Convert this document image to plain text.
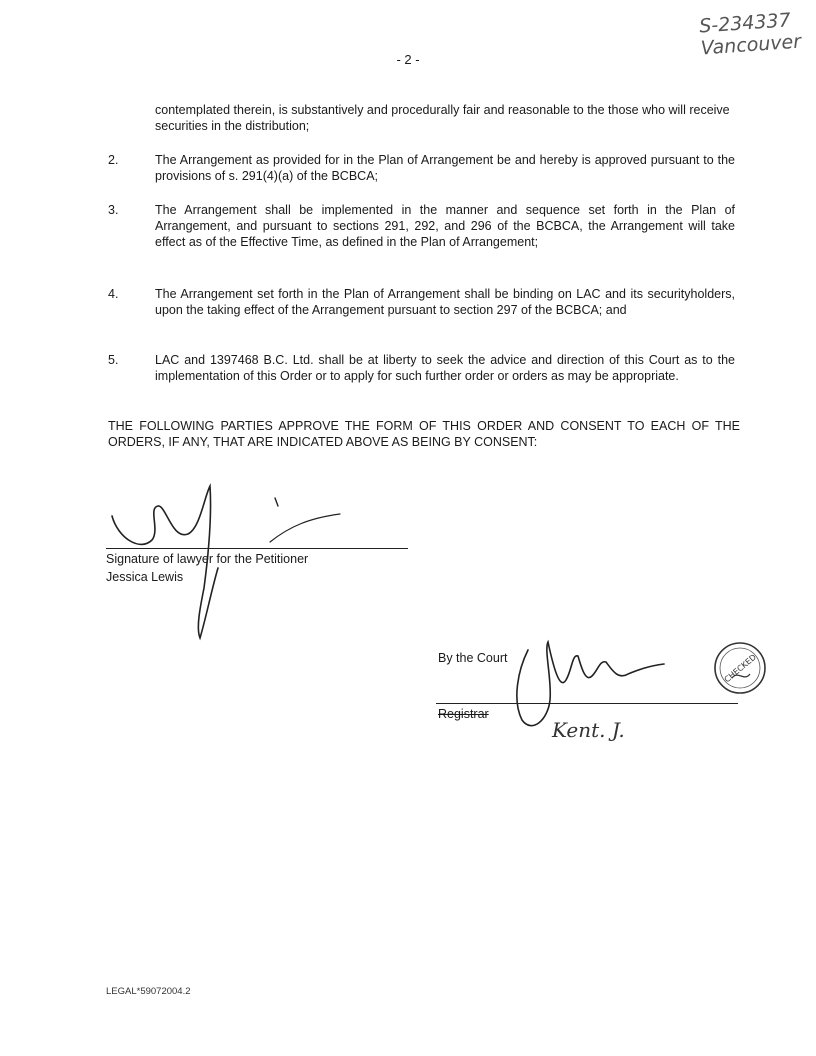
S-234337
Vancouver
- 2 -
contemplated therein, is substantively and procedurally fair and reasonable to the those who will receive securities in the distribution;
2.	The Arrangement as provided for in the Plan of Arrangement be and hereby is approved pursuant to the provisions of s. 291(4)(a) of the BCBCA;
3.	The Arrangement shall be implemented in the manner and sequence set forth in the Plan of Arrangement, and pursuant to sections 291, 292, and 296 of the BCBCA, the Arrangement will take effect as of the Effective Time, as defined in the Plan of Arrangement;
4.	The Arrangement set forth in the Plan of Arrangement shall be binding on LAC and its securityholders, upon the taking effect of the Arrangement pursuant to section 297 of the BCBCA; and
5.	LAC and 1397468 B.C. Ltd. shall be at liberty to seek the advice and direction of this Court as to the implementation of this Order or to apply for such further order or orders as may be appropriate.
THE FOLLOWING PARTIES APPROVE THE FORM OF THIS ORDER AND CONSENT TO EACH OF THE ORDERS, IF ANY, THAT ARE INDICATED ABOVE AS BEING BY CONSENT:
Signature of lawyer for the Petitioner
Jessica Lewis
By the Court
Registrar
Kent. J.
CHECKED
LEGAL*59072004.2
